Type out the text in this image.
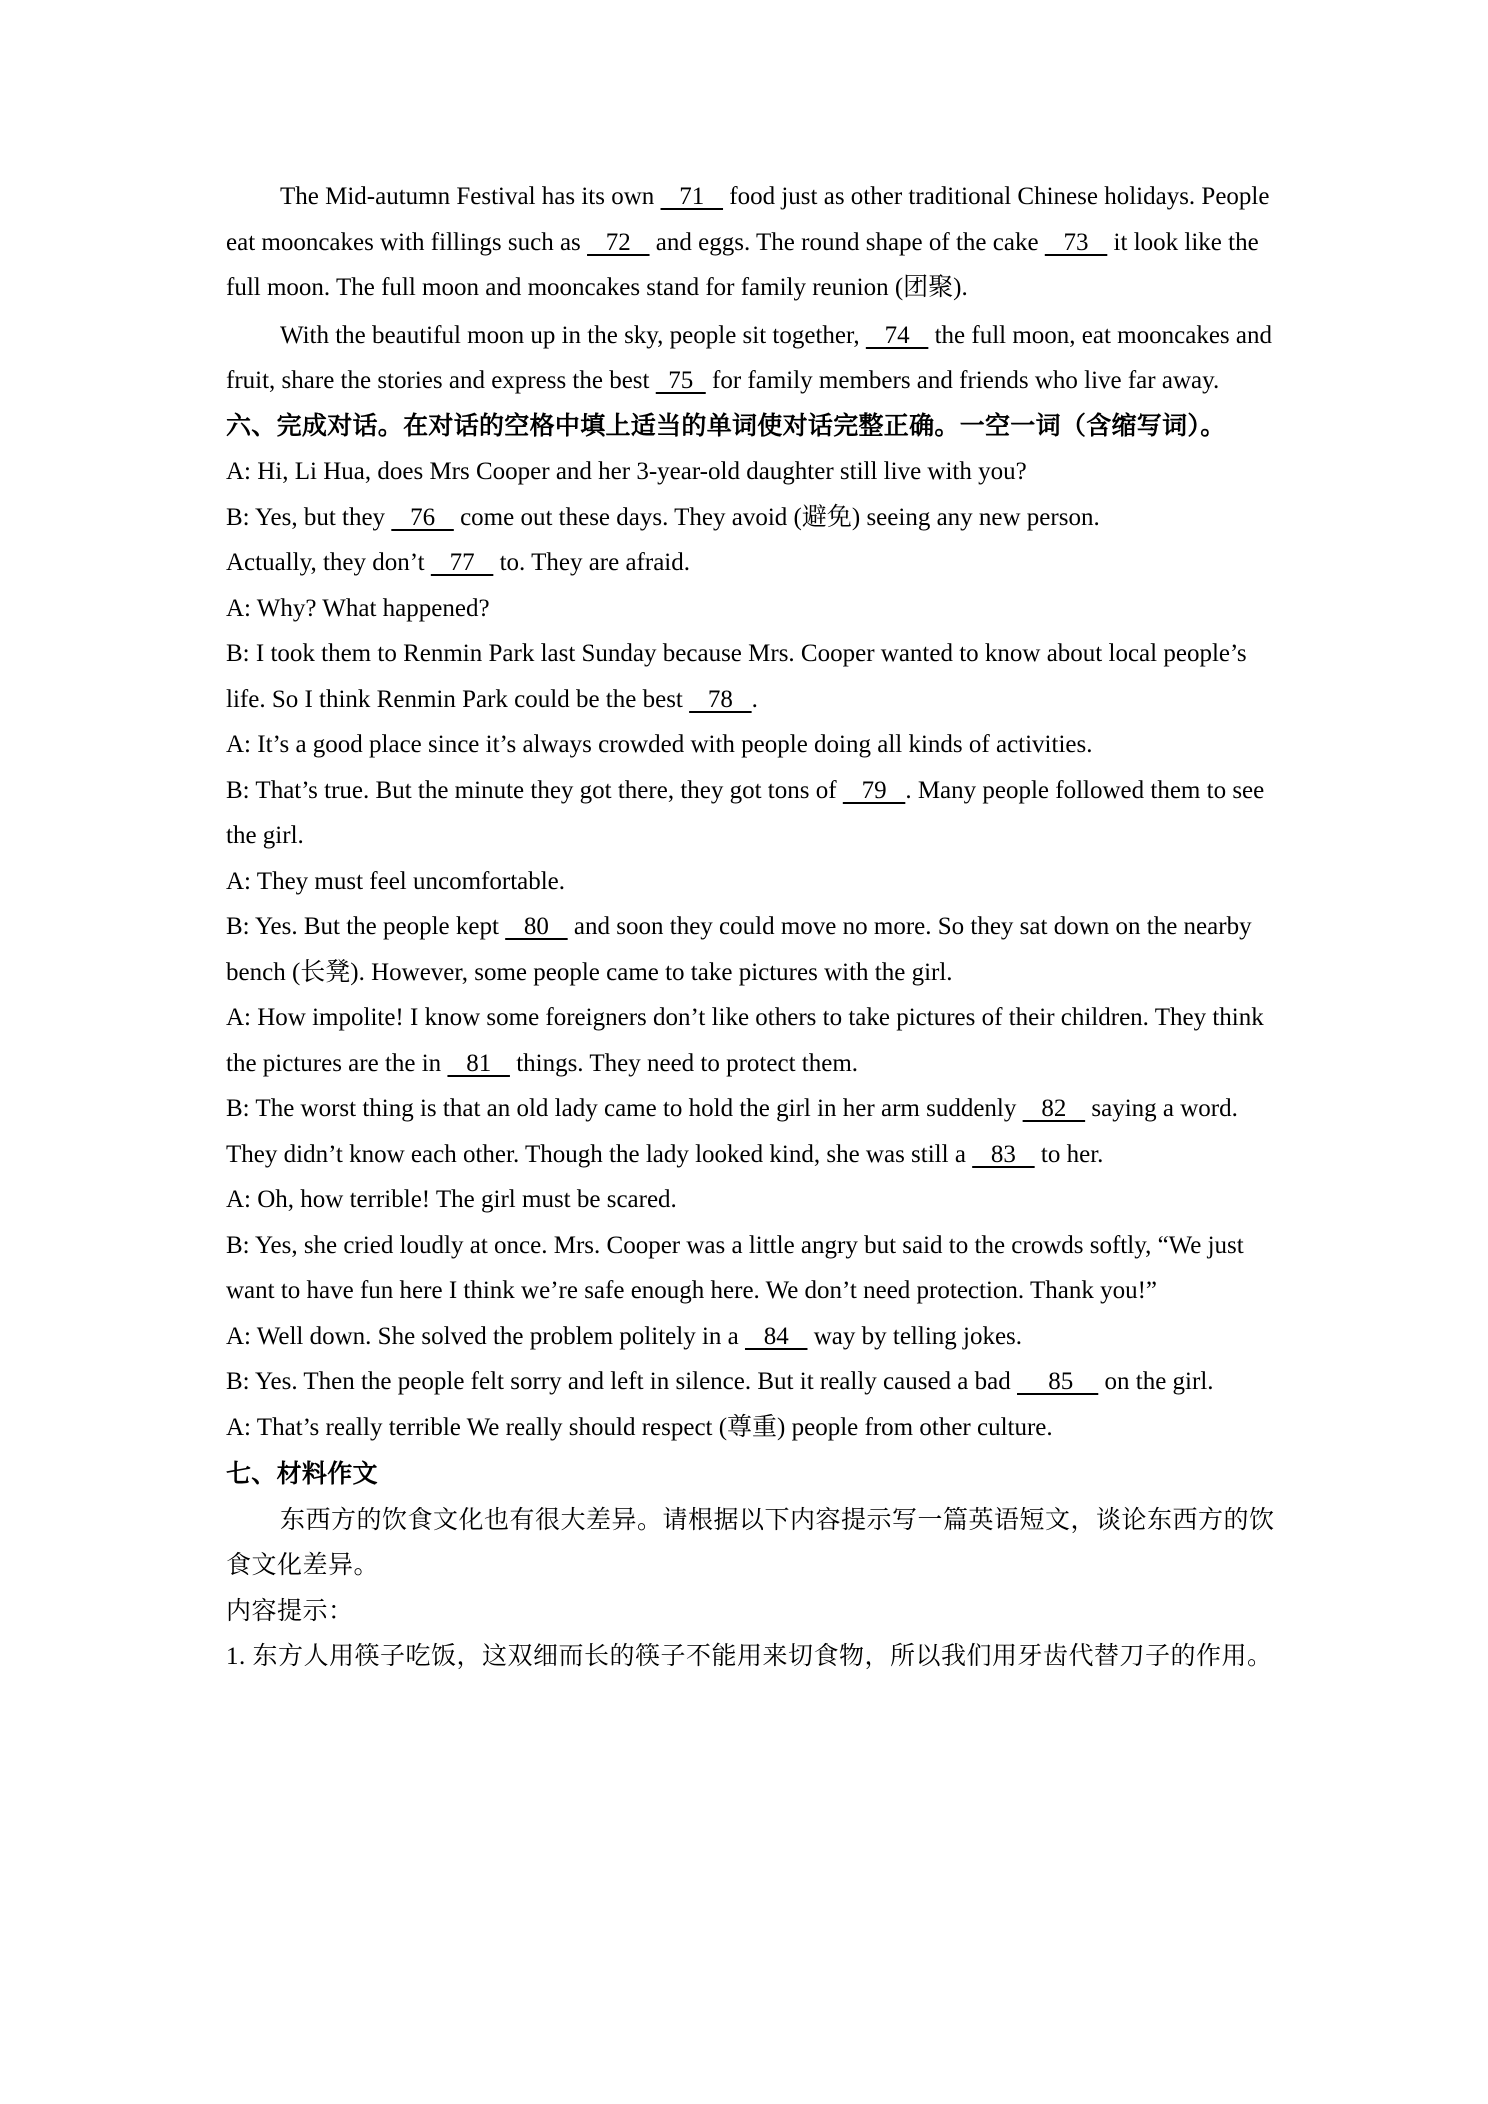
The Mid-autumn Festival has its own    71    food just as other traditional Chinese holidays. People eat mooncakes with fillings such as    72    and eggs. The round shape of the cake    73    it look like the full moon. The full moon and mooncakes stand for family reunion (团聚).

With the beautiful moon up in the sky, people sit together,    74    the full moon, eat mooncakes and fruit, share the stories and express the best   75   for family members and friends who live far away.

六、完成对话。在对话的空格中填上适当的单词使对话完整正确。一空一词（含缩写词）。

A: Hi, Li Hua, does Mrs Cooper and her 3-year-old daughter still live with you?

B: Yes, but they    76    come out these days. They avoid (避免) seeing any new person.

Actually, they don’t    77    to. They are afraid.

A: Why? What happened?

B: I took them to Renmin Park last Sunday because Mrs. Cooper wanted to know about local people’s life. So I think Renmin Park could be the best    78   .

A: It’s a good place since it’s always crowded with people doing all kinds of activities.

B: That’s true. But the minute they got there, they got tons of    79   . Many people followed them to see the girl.

A: They must feel uncomfortable.

B: Yes. But the people kept    80    and soon they could move no more. So they sat down on the nearby bench (长凳). However, some people came to take pictures with the girl.

A: How impolite! I know some foreigners don’t like others to take pictures of their children. They think the pictures are the in    81    things. They need to protect them.

B: The worst thing is that an old lady came to hold the girl in her arm suddenly    82    saying a word. They didn’t know each other. Though the lady looked kind, she was still a    83    to her.

A: Oh, how terrible! The girl must be scared.

B: Yes, she cried loudly at once. Mrs. Cooper was a little angry but said to the crowds softly, “We just want to have fun here I think we’re safe enough here. We don’t need protection. Thank you!”

A: Well down. She solved the problem politely in a    84    way by telling jokes.

B: Yes. Then the people felt sorry and left in silence. But it really caused a bad      85     on the girl.

A: That’s really terrible We really should respect (尊重) people from other culture.

七、材料作文

东西方的饮食文化也有很大差异。请根据以下内容提示写一篇英语短文，谈论东西方的饮食文化差异。

内容提示：

1. 东方人用筷子吃饭，这双细而长的筷子不能用来切食物，所以我们用牙齿代替刀子的作用。
